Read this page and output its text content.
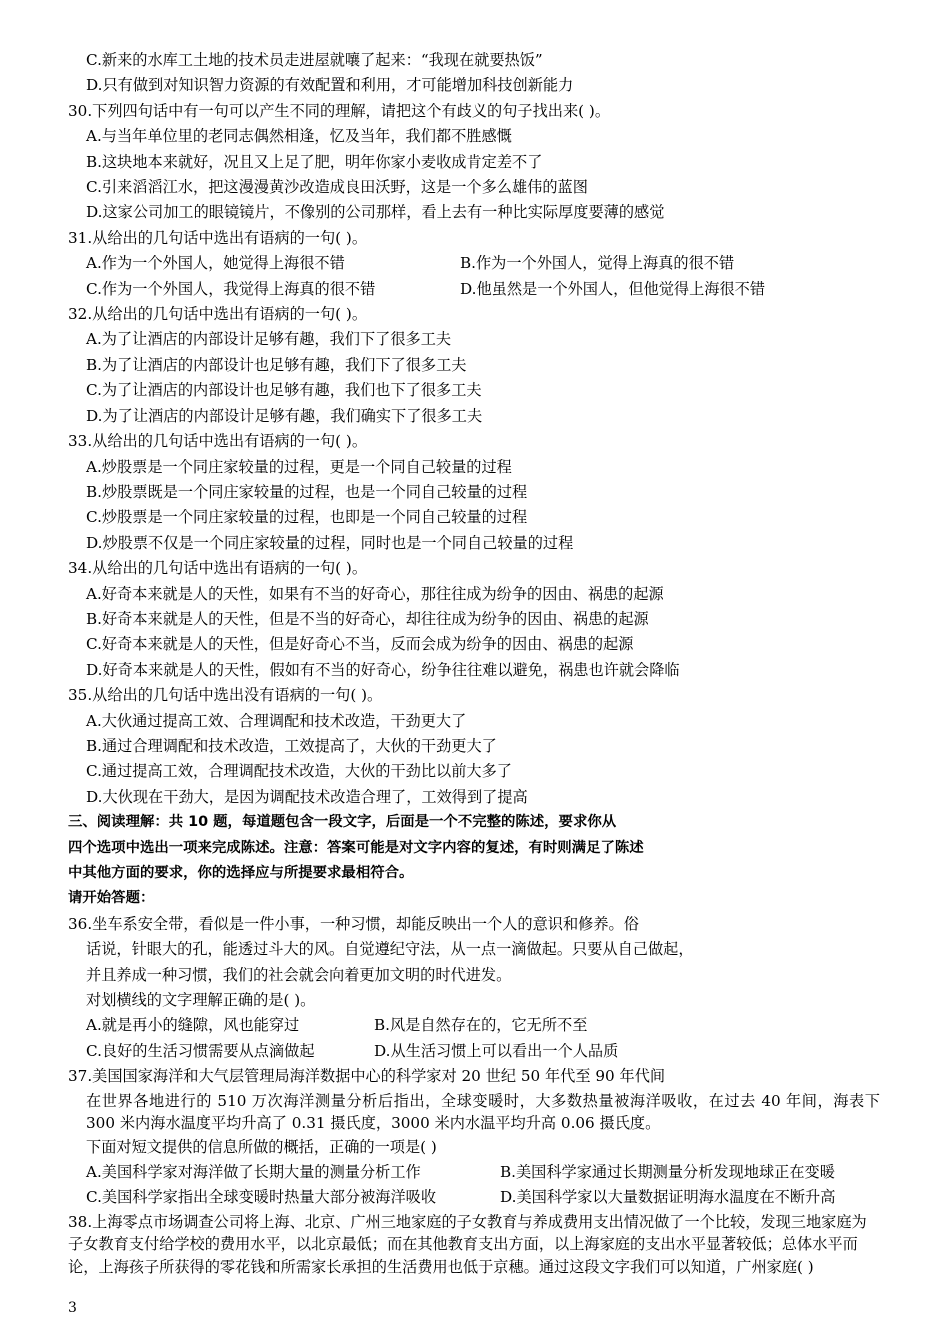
C.新来的水库工土地的技术员走进屋就嚷了起来：“我现在就要热饭”
D.只有做到对知识智力资源的有效配置和利用，才可能增加科技创新能力
30.下列四句话中有一句可以产生不同的理解，请把这个有歧义的句子找出来( )。
A.与当年单位里的老同志偶然相逢，忆及当年，我们都不胜感慨
B.这块地本来就好，况且又上足了肥，明年你家小麦收成肯定差不了
C.引来滔滔江水，把这漫漫黄沙改造成良田沃野，这是一个多么雄伟的蓝图
D.这家公司加工的眼镜镜片，不像别的公司那样，看上去有一种比实际厚度要薄的感觉
31.从给出的几句话中选出有语病的一句( )。
A.作为一个外国人，她觉得上海很不错	B.作为一个外国人，觉得上海真的很不错
C.作为一个外国人，我觉得上海真的很不错	D.他虽然是一个外国人，但他觉得上海很不错
32.从给出的几句话中选出有语病的一句( )。
A.为了让酒店的内部设计足够有趣，我们下了很多工夫
B.为了让酒店的内部设计也足够有趣，我们下了很多工夫
C.为了让酒店的内部设计也足够有趣，我们也下了很多工夫
D.为了让酒店的内部设计足够有趣，我们确实下了很多工夫
33.从给出的几句话中选出有语病的一句( )。
A.炒股票是一个同庄家较量的过程，更是一个同自己较量的过程
B.炒股票既是一个同庄家较量的过程，也是一个同自己较量的过程
C.炒股票是一个同庄家较量的过程，也即是一个同自己较量的过程
D.炒股票不仅是一个同庄家较量的过程，同时也是一个同自己较量的过程
34.从给出的几句话中选出有语病的一句( )。
A.好奇本来就是人的天性，如果有不当的好奇心，那往往成为纷争的因由、祸患的起源
B.好奇本来就是人的天性，但是不当的好奇心，却往往成为纷争的因由、祸患的起源
C.好奇本来就是人的天性，但是好奇心不当，反而会成为纷争的因由、祸患的起源
D.好奇本来就是人的天性，假如有不当的好奇心，纷争往往难以避免，祸患也许就会降临
35.从给出的几句话中选出没有语病的一句( )。
A.大伙通过提高工效、合理调配和技术改造，干劲更大了
B.通过合理调配和技术改造，工效提高了，大伙的干劲更大了
C.通过提高工效，合理调配技术改造，大伙的干劲比以前大多了
D.大伙现在干劲大，是因为调配技术改造合理了，工效得到了提高
三、阅读理解：共 10 题，每道题包含一段文字，后面是一个不完整的陈述，要求你从
四个选项中选出一项来完成陈述。注意：答案可能是对文字内容的复述，有时则满足了陈述
中其他方面的要求，你的选择应与所提要求最相符合。
请开始答题：
36.坐车系安全带，看似是一件小事，一种习惯，却能反映出一个人的意识和修养。俗
话说，针眼大的孔，能透过斗大的风。自觉遵纪守法，从一点一滴做起。只要从自己做起，
并且养成一种习惯，我们的社会就会向着更加文明的时代进发。
对划横线的文字理解正确的是( )。
A.就是再小的缝隙，风也能穿过	B.风是自然存在的，它无所不至
C.良好的生活习惯需要从点滴做起	D.从生活习惯上可以看出一个人品质
37.美国国家海洋和大气层管理局海洋数据中心的科学家对 20 世纪 50 年代至 90 年代间
在世界各地进行的 510 万次海洋测量分析后指出，全球变暖时，大多数热量被海洋吸收，在过去 40 年间，海表下 300 米内海水温度平均升高了 0.31 摄氏度，3000 米内水温平均升高 0.06 摄氏度。
下面对短文提供的信息所做的概括，正确的一项是( )
A.美国科学家对海洋做了长期大量的测量分析工作	B.美国科学家通过长期测量分析发现地球正在变暖
C.美国科学家指出全球变暖时热量大部分被海洋吸收	D.美国科学家以大量数据证明海水温度在不断升高
38.上海零点市场调查公司将上海、北京、广州三地家庭的子女教育与养成费用支出情况做了一个比较，发现三地家庭为子女教育支付给学校的费用水平，以北京最低；而在其他教育支出方面，以上海家庭的支出水平显著较低；总体水平而论，上海孩子所获得的零花钱和所需家长承担的生活费用也低于京穗。通过这段文字我们可以知道，广州家庭( )
3
